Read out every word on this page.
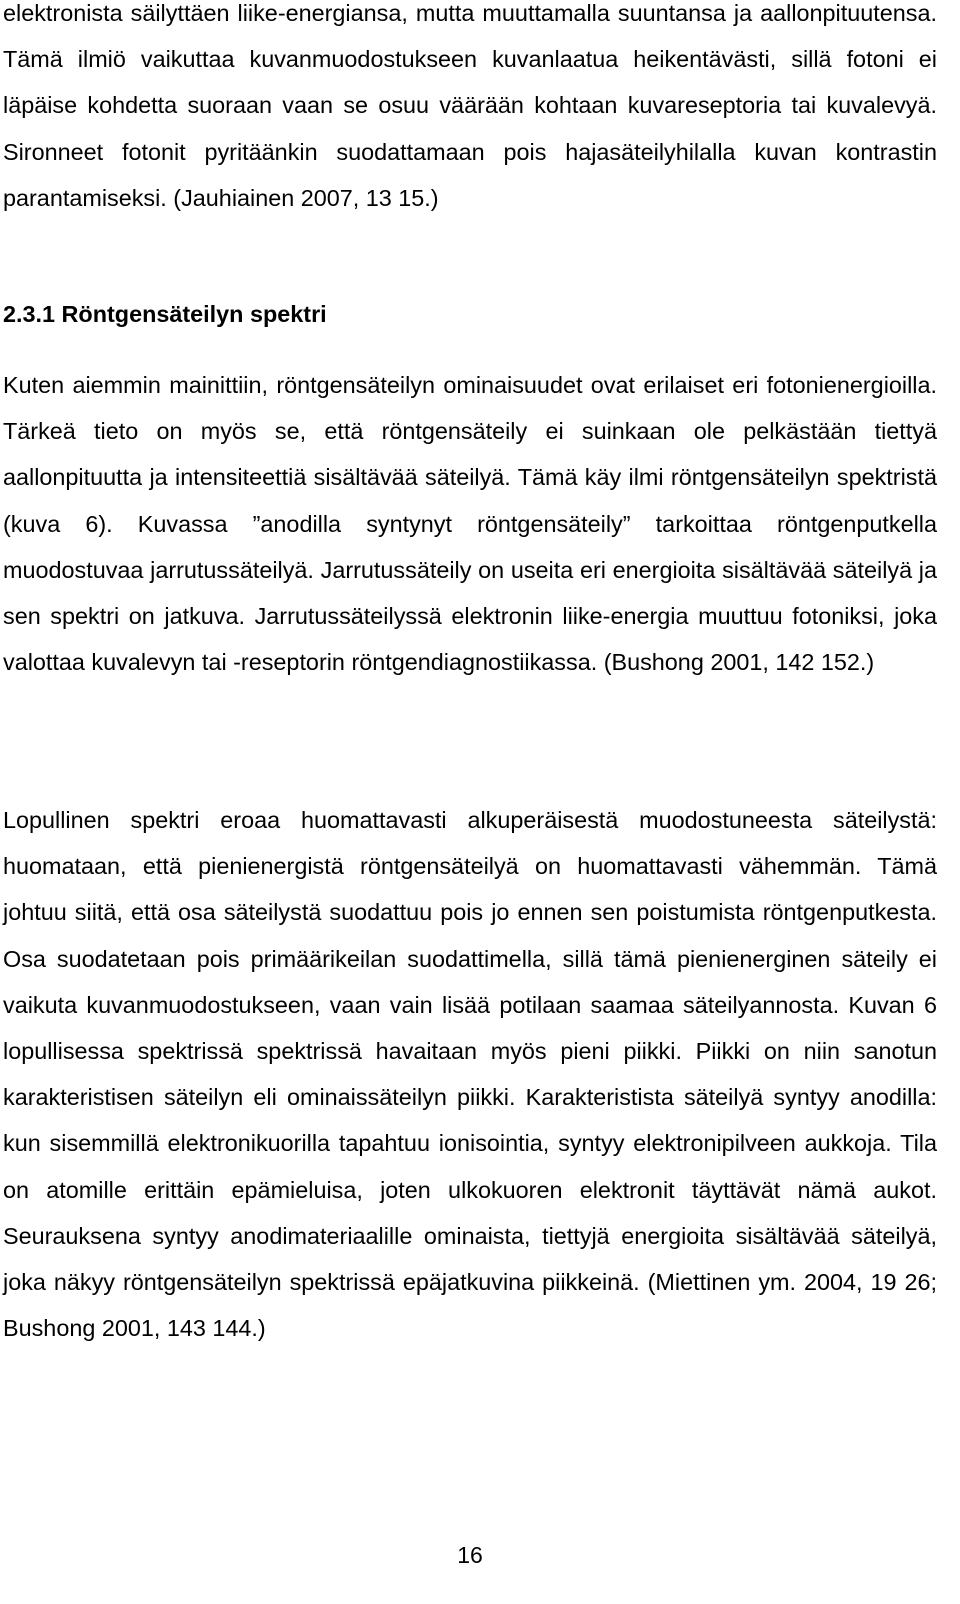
elektronista säilyttäen liike-energiansa, mutta muuttamalla suuntansa ja aallonpituutensa. Tämä ilmiö vaikuttaa kuvanmuodostukseen kuvanlaatua heikentävästi, sillä fotoni ei läpäise kohdetta suoraan vaan se osuu väärään kohtaan kuvareseptoria tai kuvalevyä. Sironneet fotonit pyritäänkin suodattamaan pois hajasäteilyhilalla kuvan kontrastin parantamiseksi. (Jauhiainen 2007, 13 15.)

2.3.1 Röntgensäteilyn spektri

Kuten aiemmin mainittiin, röntgensäteilyn ominaisuudet ovat erilaiset eri fotonienergioilla. Tärkeä tieto on myös se, että röntgensäteily ei suinkaan ole pelkästään tiettyä aallonpituutta ja intensiteettiä sisältävää säteilyä. Tämä käy ilmi röntgensäteilyn spektristä (kuva 6). Kuvassa ”anodilla syntynyt röntgensäteily” tarkoittaa röntgenputkella muodostuvaa jarrutussäteilyä. Jarrutussäteily on useita eri energioita sisältävää säteilyä ja sen spektri on jatkuva. Jarrutussäteilyssä elektronin liike-energia muuttuu fotoniksi, joka valottaa kuvalevyn tai -reseptorin röntgendiagnostiikassa. (Bushong 2001, 142 152.)

Lopullinen spektri eroaa huomattavasti alkuperäisestä muodostuneesta säteilystä: huomataan, että pienienergistä röntgensäteilyä on huomattavasti vähemmän. Tämä johtuu siitä, että osa säteilystä suodattuu pois jo ennen sen poistumista röntgenputkesta. Osa suodatetaan pois primäärikeilan suodattimella, sillä tämä pienienerginen säteily ei vaikuta kuvanmuodostukseen, vaan vain lisää potilaan saamaa säteilyannosta. Kuvan 6 lopullisessa spektrissä spektrissä havaitaan myös pieni piikki. Piikki on niin sanotun karakteristisen säteilyn eli ominaissäteilyn piikki. Karakteristista säteilyä syntyy anodilla: kun sisemmillä elektronikuorilla tapahtuu ionisointia, syntyy elektronipilveen aukkoja. Tila on atomille erittäin epämieluisa, joten ulkokuoren elektronit täyttävät nämä aukot. Seurauksena syntyy anodimateriaalille ominaista, tiettyjä energioita sisältävää säteilyä, joka näkyy röntgensäteilyn spektrissä epäjatkuvina piikkeinä. (Miettinen ym. 2004, 19 26; Bushong 2001, 143 144.)

16
